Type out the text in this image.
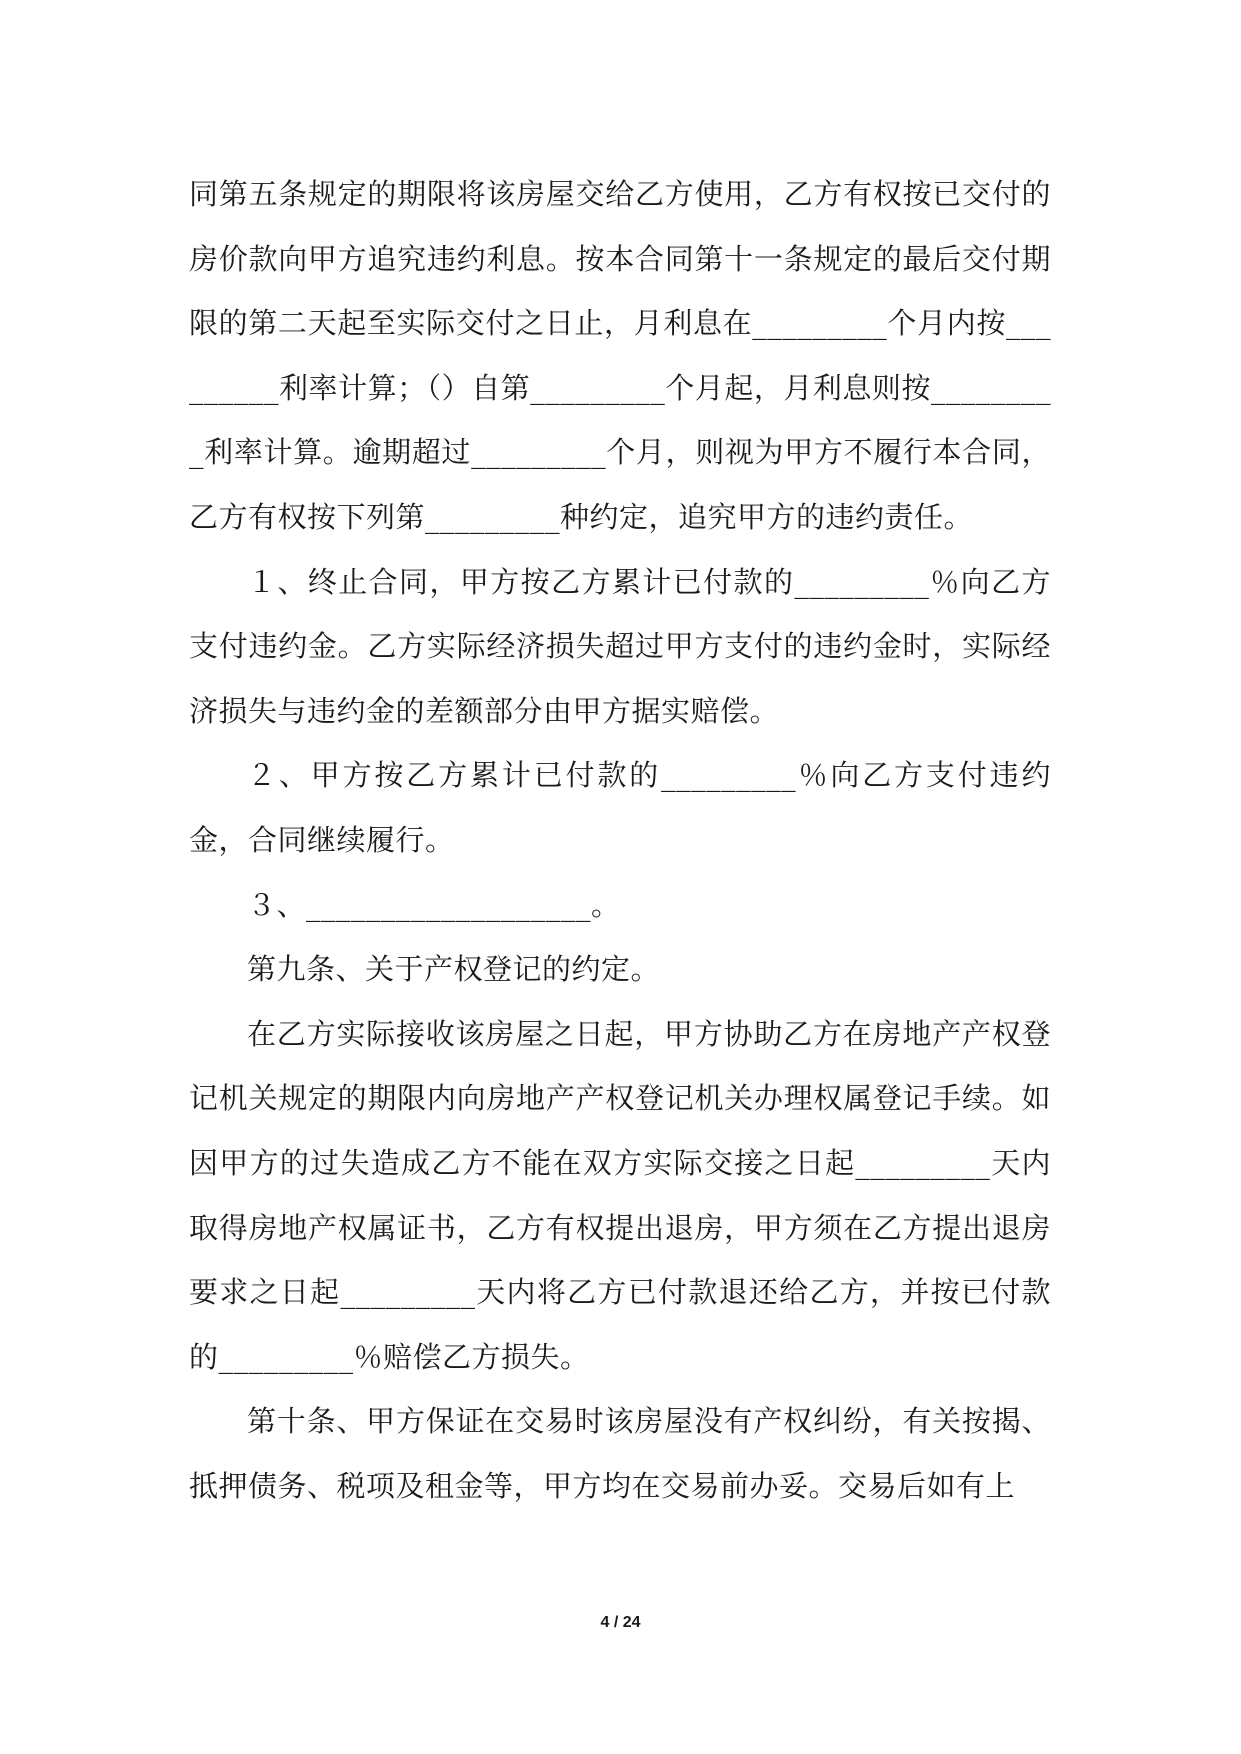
同第五条规定的期限将该房屋交给乙方使用，乙方有权按已交付的房价款向甲方追究违约利息。按本合同第十一条规定的最后交付期限的第二天起至实际交付之日止，月利息在_________个月内按_________利率计算；（）自第_________个月起，月利息则按_________利率计算。逾期超过_________个月，则视为甲方不履行本合同，乙方有权按下列第_________种约定，追究甲方的违约责任。

１、终止合同，甲方按乙方累计已付款的_________％向乙方支付违约金。乙方实际经济损失超过甲方支付的违约金时，实际经济损失与违约金的差额部分由甲方据实赔偿。

２、甲方按乙方累计已付款的_________％向乙方支付违约金，合同继续履行。

３、___________________。

第九条、关于产权登记的约定。

在乙方实际接收该房屋之日起，甲方协助乙方在房地产产权登记机关规定的期限内向房地产产权登记机关办理权属登记手续。如因甲方的过失造成乙方不能在双方实际交接之日起_________天内取得房地产权属证书，乙方有权提出退房，甲方须在乙方提出退房要求之日起_________天内将乙方已付款退还给乙方，并按已付款的_________％赔偿乙方损失。

第十条、甲方保证在交易时该房屋没有产权纠纷，有关按揭、抵押债务、税项及租金等，甲方均在交易前办妥。交易后如有上

4 / 24
